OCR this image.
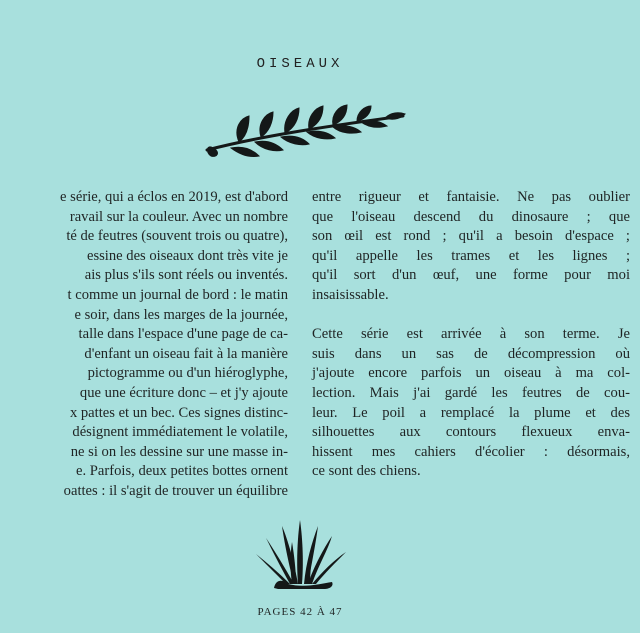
OISEAUX
e série, qui a éclos en 2019, est d'abord
ravail sur la couleur. Avec un nombre
té de feutres (souvent trois ou quatre),
essine des oiseaux dont très vite je
ais plus s'ils sont réels ou inventés.
t comme un journal de bord : le matin
e soir, dans les marges de la journée,
talle dans l'espace d'une page de ca-
d'enfant un oiseau fait à la manière
pictogramme ou d'un hiéroglyphe,
que une écriture donc – et j'y ajoute
x pattes et un bec. Ces signes distinc-
désignent immédiatement le volatile,
ne si on les dessine sur une masse in-
e. Parfois, deux petites bottes ornent
oattes : il s'agit de trouver un équilibre
entre rigueur et fantaisie. Ne pas oublier
que l'oiseau descend du dinosaure ; que
son œil est rond ; qu'il a besoin d'espace ;
qu'il appelle les trames et les lignes ;
qu'il sort d'un œuf, une forme pour moi
insaisissable.
Cette série est arrivée à son terme. Je
suis dans un sas de décompression où
j'ajoute encore parfois un oiseau à ma col-
lection. Mais j'ai gardé les feutres de cou-
leur. Le poil a remplacé la plume et des
silhouettes aux contours flexueux enva-
hissent mes cahiers d'écolier : désormais,
ce sont des chiens.
PAGES 42 À 47
